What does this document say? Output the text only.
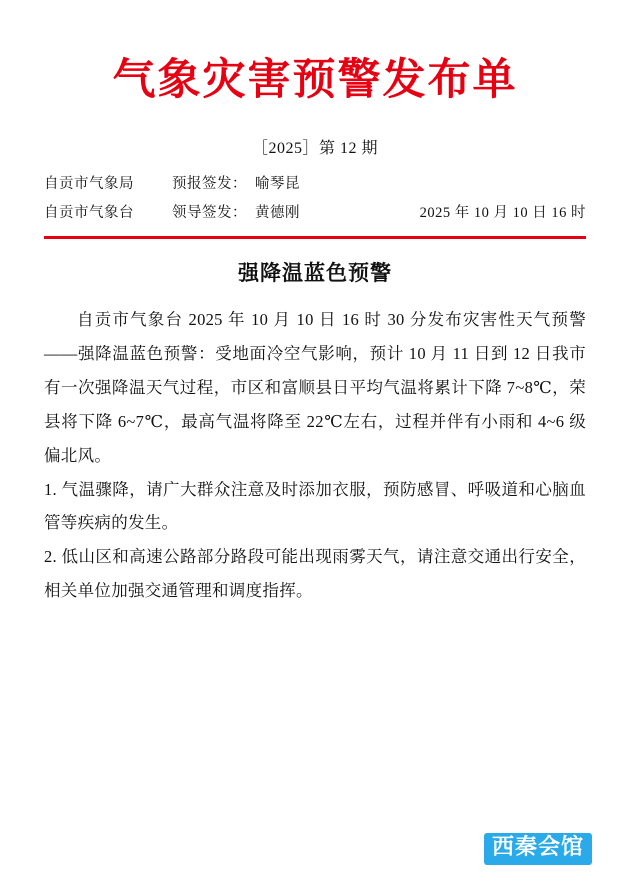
气象灾害预警发布单
［2025］第 12 期
自贡市气象局	预报签发： 喻琴昆
自贡市气象台	领导签发： 黄德刚	2025 年 10 月 10 日 16 时
强降温蓝色预警

自贡市气象台 2025 年 10 月 10 日 16 时 30 分发布灾害性天气预警——强降温蓝色预警：受地面冷空气影响，预计 10 月 11 日到 12 日我市有一次强降温天气过程，市区和富顺县日平均气温将累计下降 7~8℃，荣县将下降 6~7℃，最高气温将降至 22℃左右，过程并伴有小雨和 4~6 级偏北风。

1. 气温骤降，请广大群众注意及时添加衣服，预防感冒、呼吸道和心脑血管等疾病的发生。

2. 低山区和高速公路部分路段可能出现雨雾天气，请注意交通出行安全，相关单位加强交通管理和调度指挥。

西秦会馆
